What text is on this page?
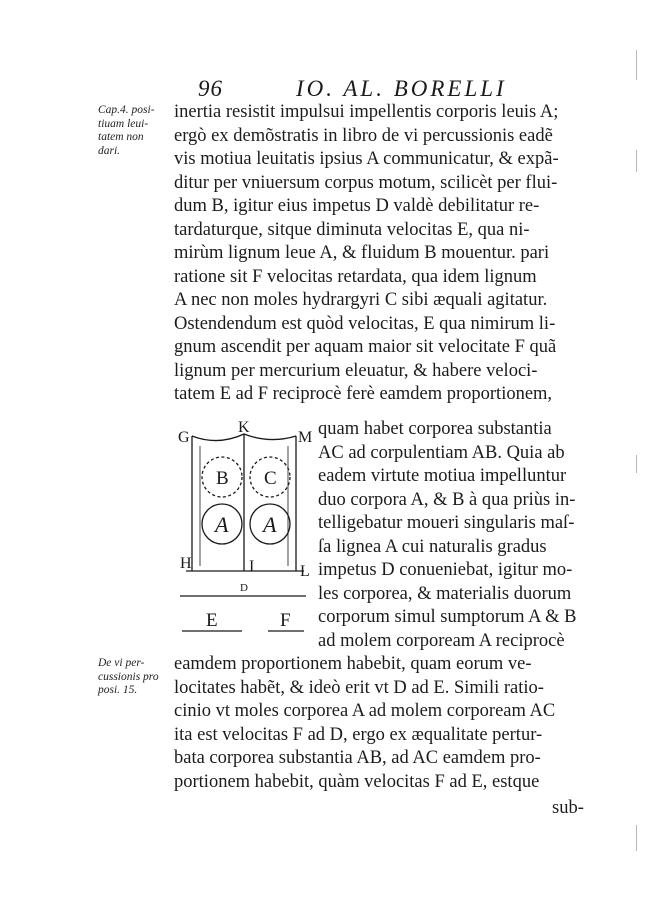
96	IO. AL. BORELLI
Cap.4. posi-
tiuam leui-
tatem non
dari.
De vi per-
cussionis pro
posi. 15.
inertia resistit impulsui impellentis corporis leuis A;
ergò ex demõstratis in libro de vi percussionis eadẽ
vis motiua leuitatis ipsius A communicatur, & expã-
ditur per vniuersum corpus motum, scilicèt per flui-
dum B, igitur eius impetus D valdè debilitatur re-
tardaturque, sitque diminuta velocitas E, qua ni-
mirùm lignum leue A, & fluidum B mouentur. pari
ratione sit F velocitas retardata, qua idem lignum
A nec non moles hydrargyri C sibi æquali agitatur.
Ostendendum est quòd velocitas, E qua nimirum li-
gnum ascendit per aquam maior sit velocitate F quã
lignum per mercurium eleuatur, & habere veloci-
tatem E ad F reciprocè ferè eamdem proportionem,
quam habet corporea substantia
AC ad corpulentiam AB. Quia ab
eadem virtute motiua impelluntur
duo corpora A, & B à qua priùs in-
telligebatur moueri singularis maſ-
ſa lignea A cui naturalis gradus
impetus D conueniebat, igitur mo-
les corporea, & materialis duorum
corporum simul sumptorum A & B
ad molem corpoream A reciprocè
eamdem proportionem habebit, quam eorum ve-
locitates habẽt, & ideò erit vt D ad E. Simili ratio-
cinio vt moles corporea A ad molem corpoream AC
ita est velocitas F ad D, ergo ex æqualitate pertur-
bata corporea substantia AB, ad AC eamdem pro-
portionem habebit, quàm velocitas F ad E, estque
sub-
G
K
M
H	I	L
B C
A A
D
E	F
